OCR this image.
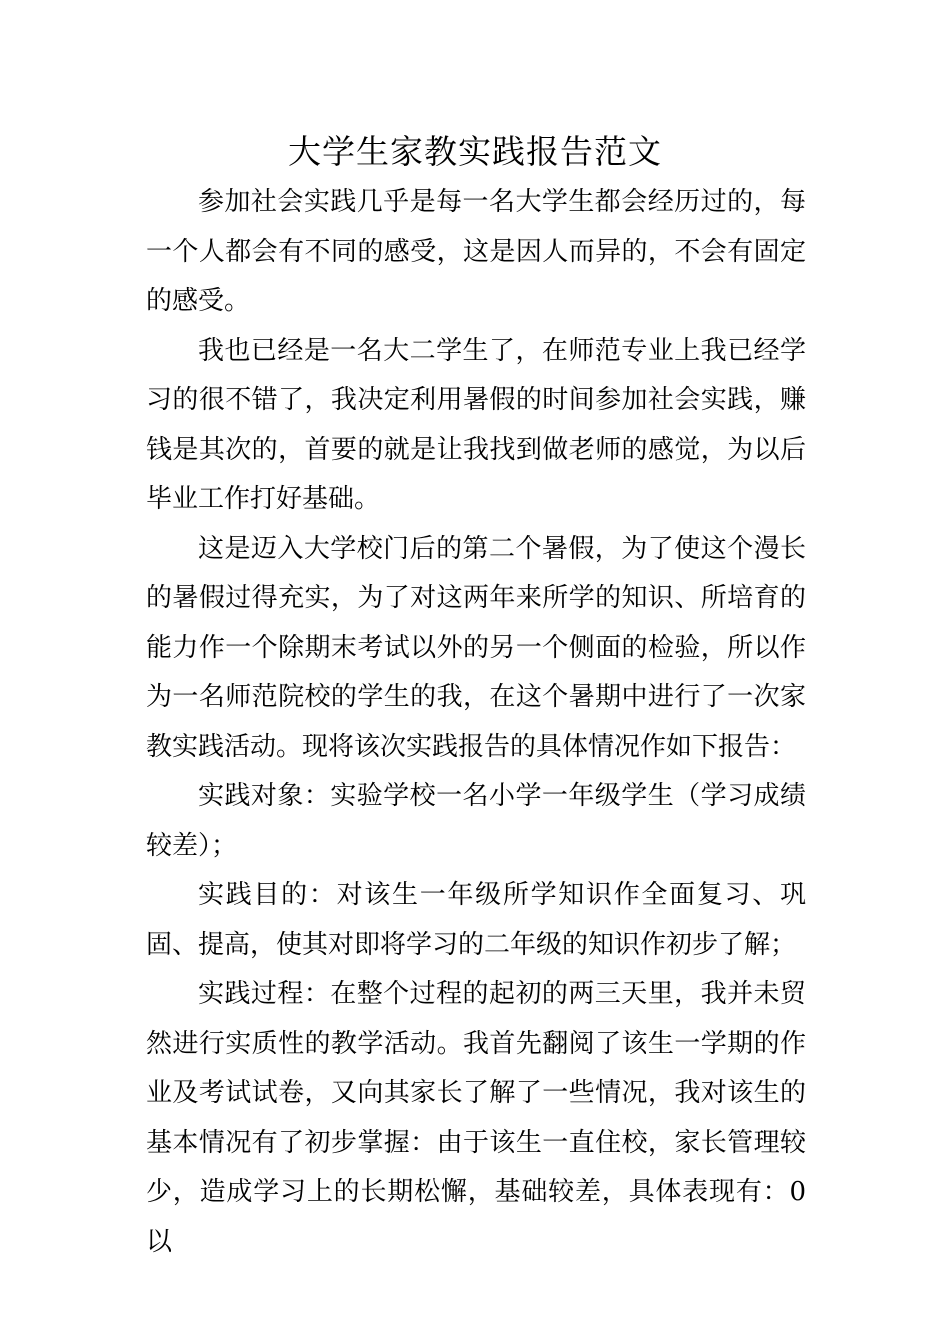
大学生家教实践报告范文

参加社会实践几乎是每一名大学生都会经历过的，每一个人都会有不同的感受，这是因人而异的，不会有固定的感受。

我也已经是一名大二学生了，在师范专业上我已经学习的很不错了，我决定利用暑假的时间参加社会实践，赚钱是其次的，首要的就是让我找到做老师的感觉，为以后毕业工作打好基础。

这是迈入大学校门后的第二个暑假，为了使这个漫长的暑假过得充实，为了对这两年来所学的知识、所培育的能力作一个除期末考试以外的另一个侧面的检验，所以作为一名师范院校的学生的我，在这个暑期中进行了一次家教实践活动。现将该次实践报告的具体情况作如下报告：

实践对象：实验学校一名小学一年级学生（学习成绩较差）；

实践目的：对该生一年级所学知识作全面复习、巩固、提高，使其对即将学习的二年级的知识作初步了解；

实践过程：在整个过程的起初的两三天里，我并未贸然进行实质性的教学活动。我首先翻阅了该生一学期的作业及考试试卷，又向其家长了解了一些情况，我对该生的基本情况有了初步掌握：由于该生一直住校，家长管理较少，造成学习上的长期松懈，基础较差，具体表现有：0以
